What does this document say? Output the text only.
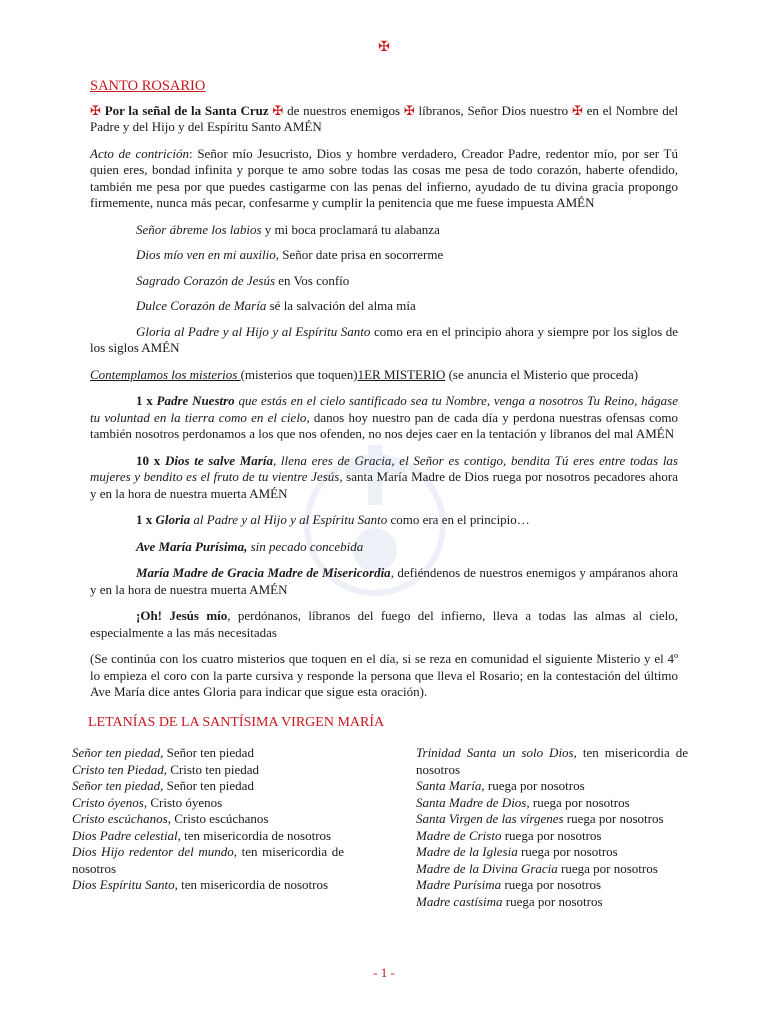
✠
SANTO ROSARIO

✠ Por la señal de la Santa Cruz ✠ de nuestros enemigos ✠ líbranos, Señor Dios nuestro ✠ en el Nombre del Padre y del Hijo y del Espíritu Santo AMÉN

Acto de contrición: Señor mío Jesucristo, Dios y hombre verdadero, Creador Padre, redentor mío, por ser Tú quien eres, bondad infinita y porque te amo sobre todas las cosas me pesa de todo corazón, haberte ofendido, también me pesa por que puedes castigarme con las penas del infierno, ayudado de tu divina gracia propongo firmemente, nunca más pecar, confesarme y cumplir la penitencia que me fuese impuesta AMÉN

Señor ábreme los labios y mi boca proclamará tu alabanza

Dios mío ven en mi auxilio, Señor date prisa en socorrerme

Sagrado Corazón de Jesús en Vos confío

Dulce Corazón de María sé la salvación del alma mía

Gloria al Padre y al Hijo y al Espíritu Santo como era en el principio ahora y siempre por los siglos de los siglos AMÉN

Contemplamos los misterios (misterios que toquen)1ER MISTERIO (se anuncia el Misterio que proceda)

1 x Padre Nuestro que estás en el cielo santificado sea tu Nombre, venga a nosotros Tu Reino, hágase tu voluntad en la tierra como en el cielo, danos hoy nuestro pan de cada día y perdona nuestras ofensas como también nosotros perdonamos a los que nos ofenden, no nos dejes caer en la tentación y líbranos del mal AMÉN

10 x Dios te salve María, llena eres de Gracia, el Señor es contigo, bendita Tú eres entre todas las mujeres y bendito es el fruto de tu vientre Jesús, santa María Madre de Dios ruega por nosotros pecadores ahora y en la hora de nuestra muerta AMÉN

1 x Gloria al Padre y al Hijo y al Espíritu Santo como era en el principio…

Ave María Purísima, sin pecado concebida

María Madre de Gracia Madre de Misericordia, defiéndenos de nuestros enemigos y ampáranos ahora y en la hora de nuestra muerta AMÉN

¡Oh! Jesús mío, perdónanos, líbranos del fuego del infierno, lleva a todas las almas al cielo, especialmente a las más necesitadas

(Se continúa con los cuatro misterios que toquen en el día, si se reza en comunidad el siguiente Misterio y el 4º lo empieza el coro con la parte cursiva y responde la persona que lleva el Rosario; en la contestación del último Ave María dice antes Gloria para indicar que sigue esta oración).

LETANÍAS DE LA SANTÍSIMA VIRGEN MARÍA
Señor ten piedad, Señor ten piedad
Cristo ten Piedad, Cristo ten piedad
Señor ten piedad, Señor ten piedad
Cristo óyenos, Cristo óyenos
Cristo escúchanos, Cristo escúchanos
Dios Padre celestial, ten misericordia de nosotros
Dios Hijo redentor del mundo, ten misericordia de
nosotros
Dios Espíritu Santo, ten misericordia de nosotros
Trinidad Santa un solo Dios, ten misericordia de
nosotros
Santa María, ruega por nosotros
Santa Madre de Dios, ruega por nosotros
Santa Virgen de las vírgenes ruega por nosotros
Madre de Cristo ruega por nosotros
Madre de la Iglesia ruega por nosotros
Madre de la Divina Gracia ruega por nosotros
Madre Purísima ruega por nosotros
Madre castísima ruega por nosotros
- 1 -
